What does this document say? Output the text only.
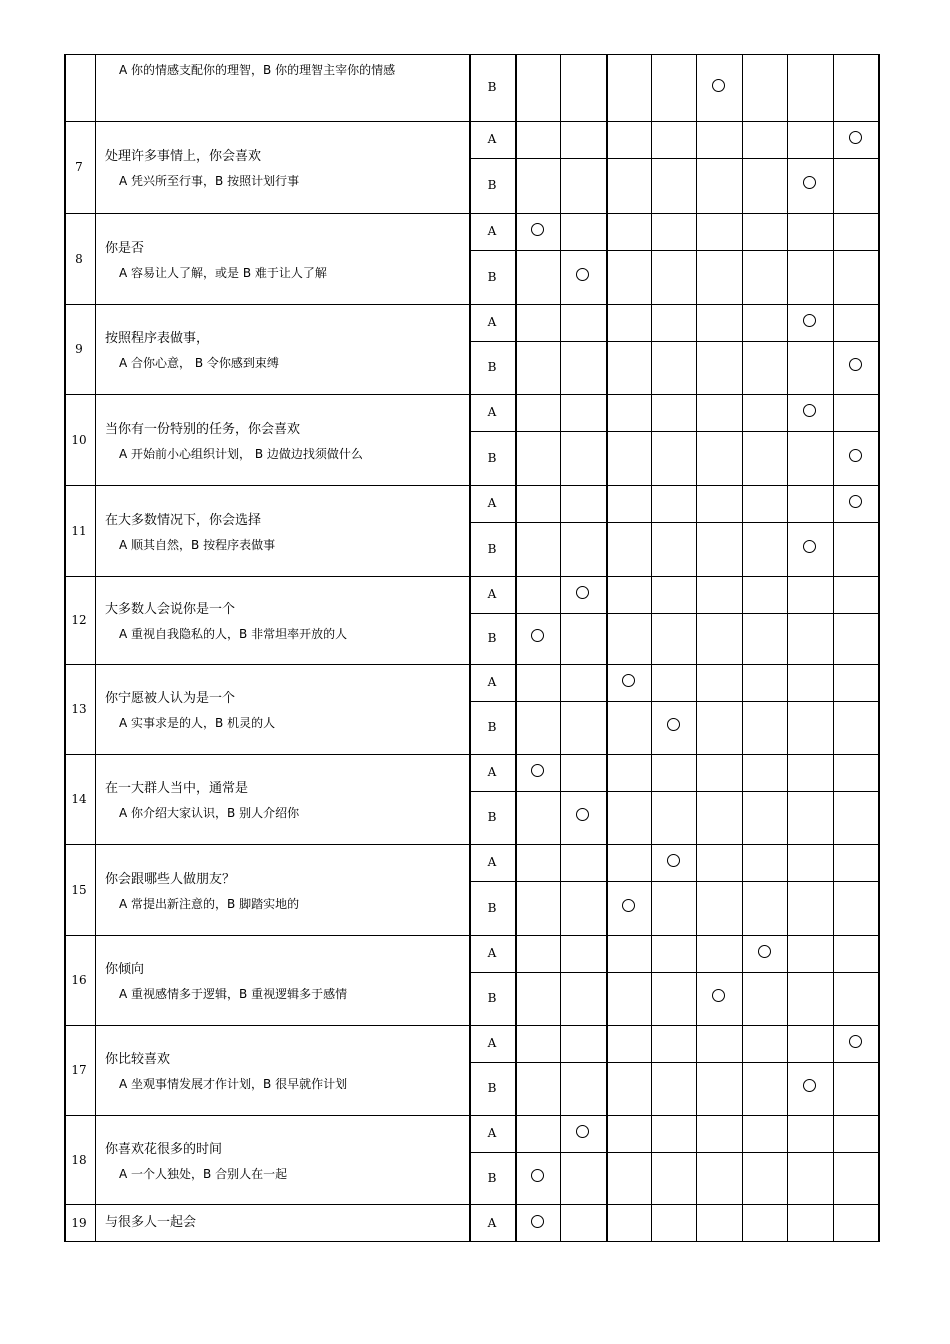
A 你的情感支配你的理智，B 你的理智主宰你的情感
B
7
A 凭兴所至行事，B 按照计划行事
处理许多事情上，你会喜欢
A
B
8
A 容易让人了解，或是 B 难于让人了解
你是否
A
B
9
A 合你心意， B 令你感到束缚
按照程序表做事，
A
B
10
A 开始前小心组织计划， B 边做边找须做什么
当你有一份特别的任务，你会喜欢
A
B
11
A 顺其自然，B 按程序表做事
在大多数情况下，你会选择
A
B
12
A 重视自我隐私的人，B 非常坦率开放的人
大多数人会说你是一个
A
B
13
A 实事求是的人，B 机灵的人
你宁愿被人认为是一个
A
B
14
A 你介绍大家认识，B 别人介绍你
在一大群人当中，通常是
A
B
15
A 常提出新注意的，B 脚踏实地的
你会跟哪些人做朋友？
A
B
16
A 重视感情多于逻辑，B 重视逻辑多于感情
你倾向
A
B
17
A 坐观事情发展才作计划，B 很早就作计划
你比较喜欢
A
B
18
A 一个人独处，B 合别人在一起
你喜欢花很多的时间
A
B
19	与很多人一起会	A
